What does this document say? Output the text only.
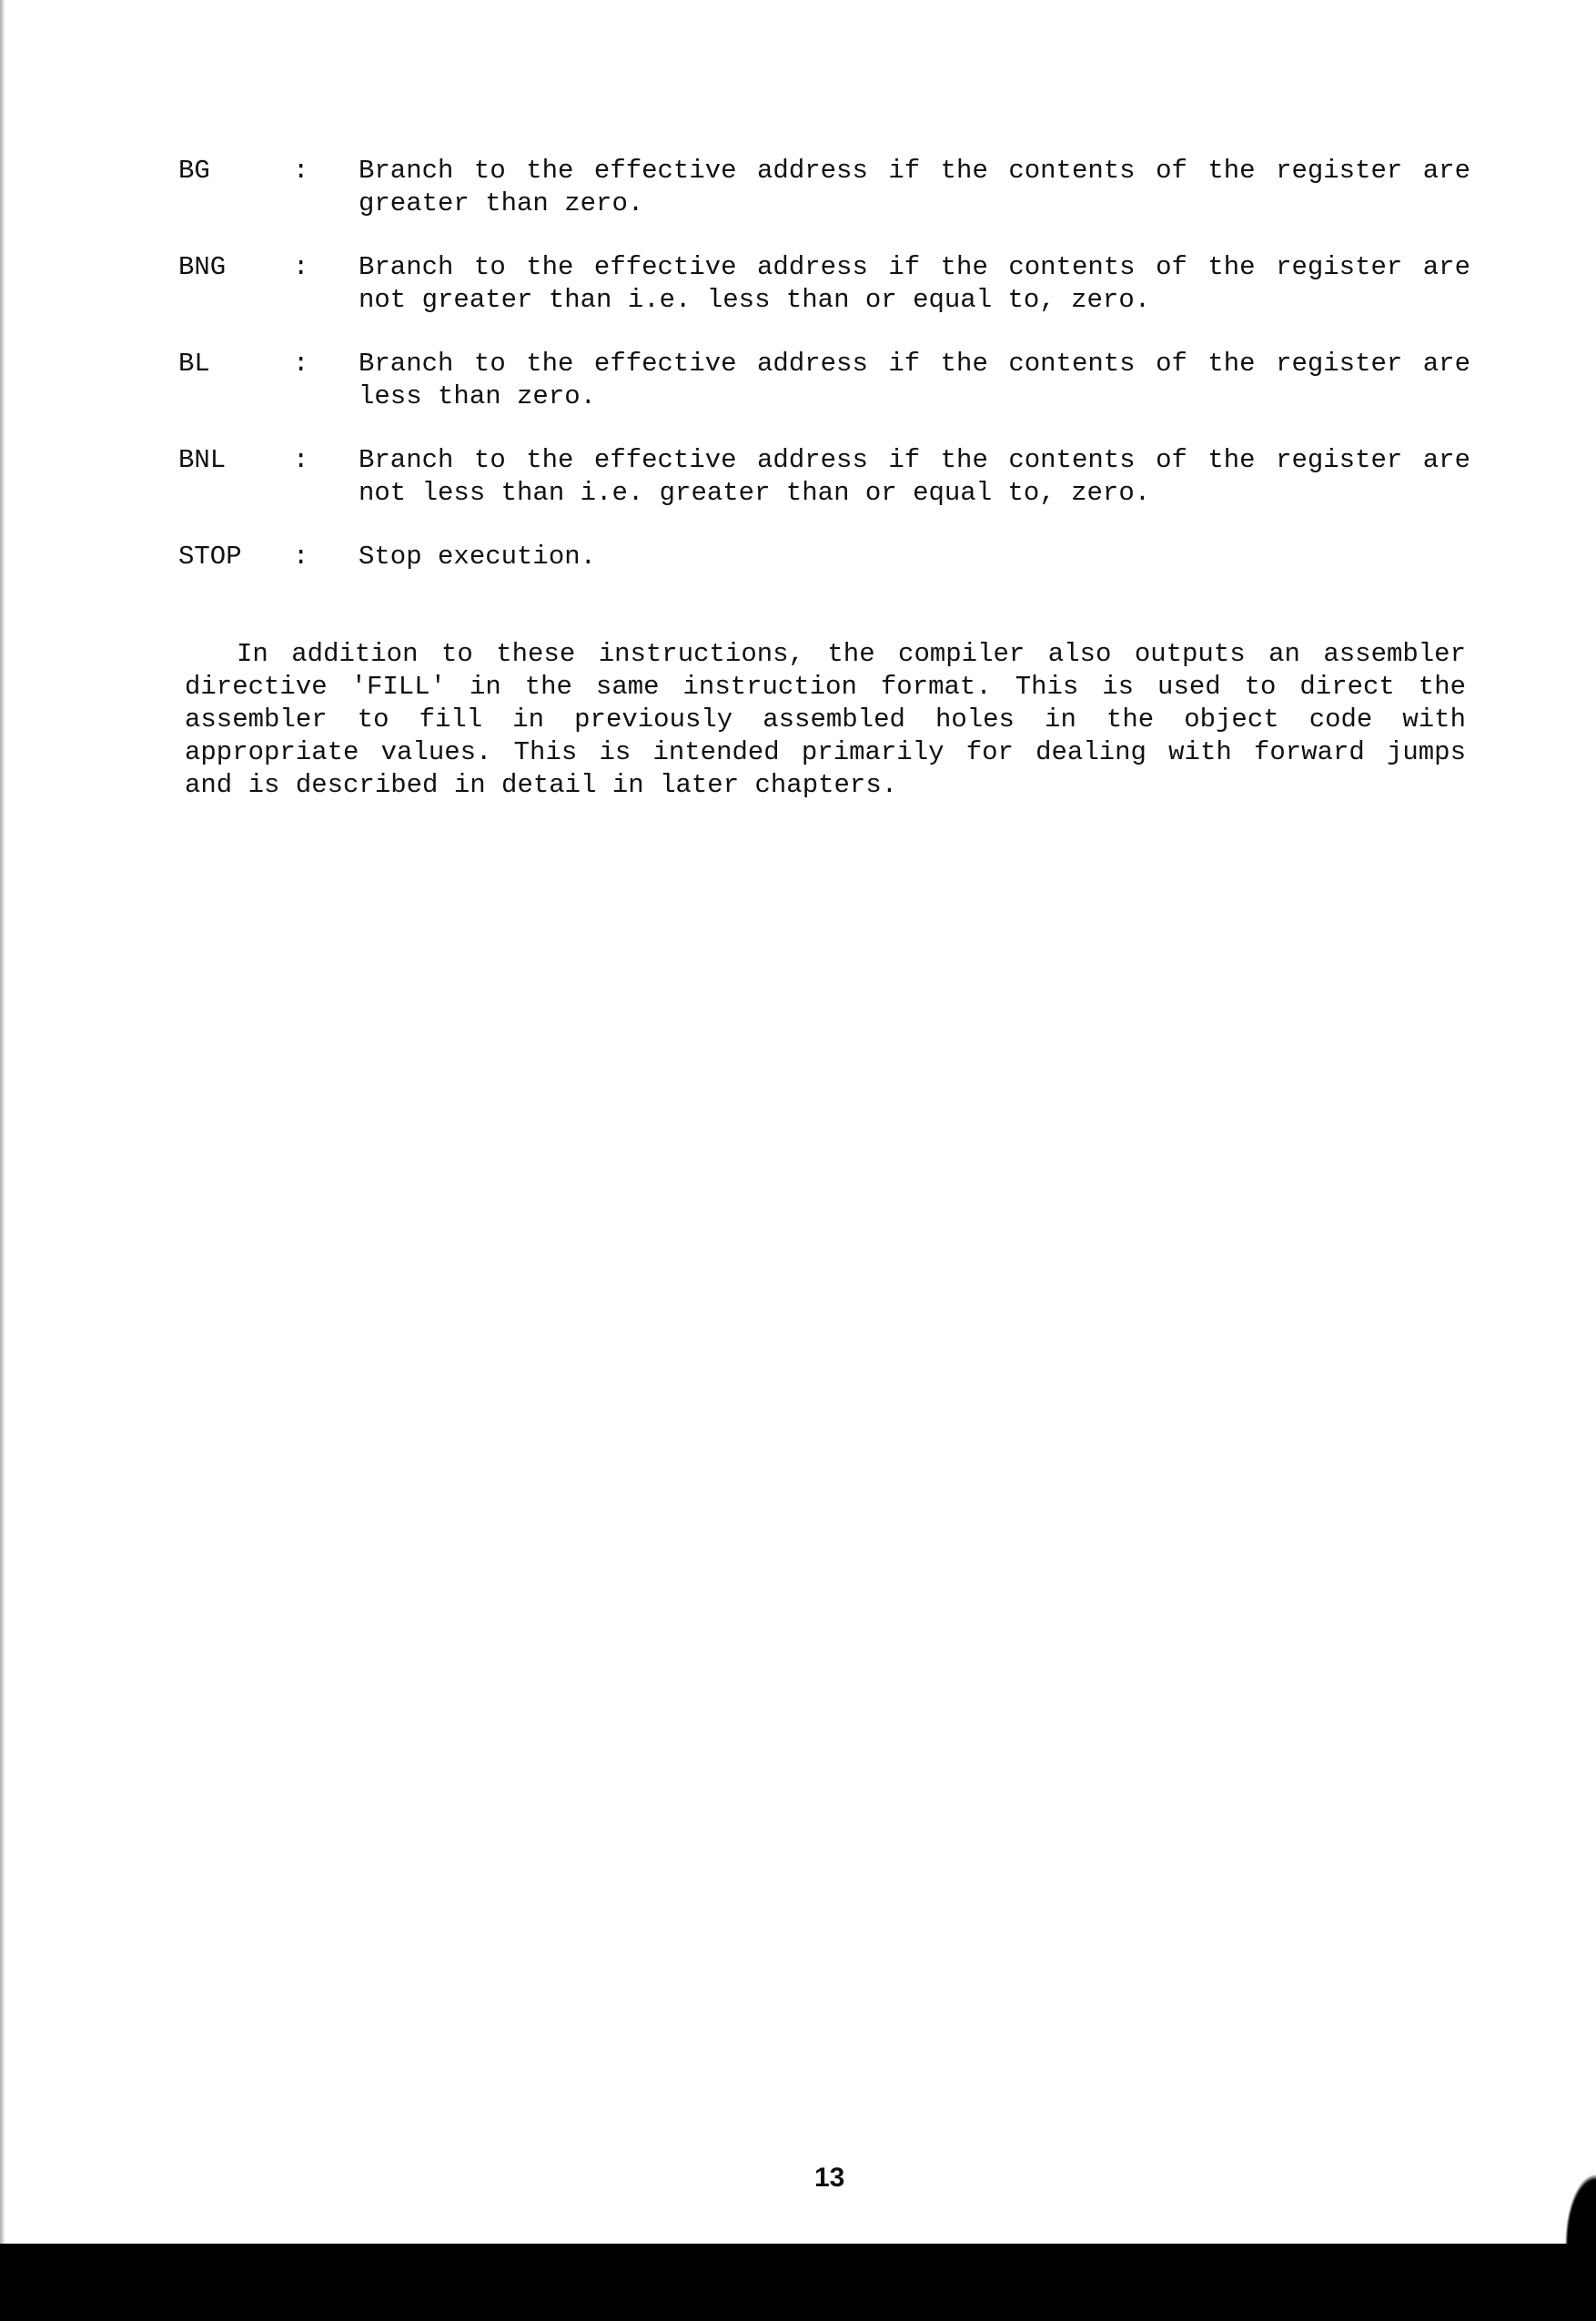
BG	:	Branch to the effective address if the contents of the register are greater than zero.
BNG	:	Branch to the effective address if the contents of the register are not greater than i.e. less than or equal to, zero.
BL	:	Branch to the effective address if the contents of the register are less than zero.
BNL	:	Branch to the effective address if the contents of the register are not less than i.e. greater than or equal to, zero.
STOP	:	Stop execution.

In addition to these instructions, the compiler also outputs an assembler directive 'FILL' in the same instruction format. This is used to direct the assembler to fill in previously assembled holes in the object code with appropriate values. This is intended primarily for dealing with forward jumps and is described in detail in later chapters.

13
